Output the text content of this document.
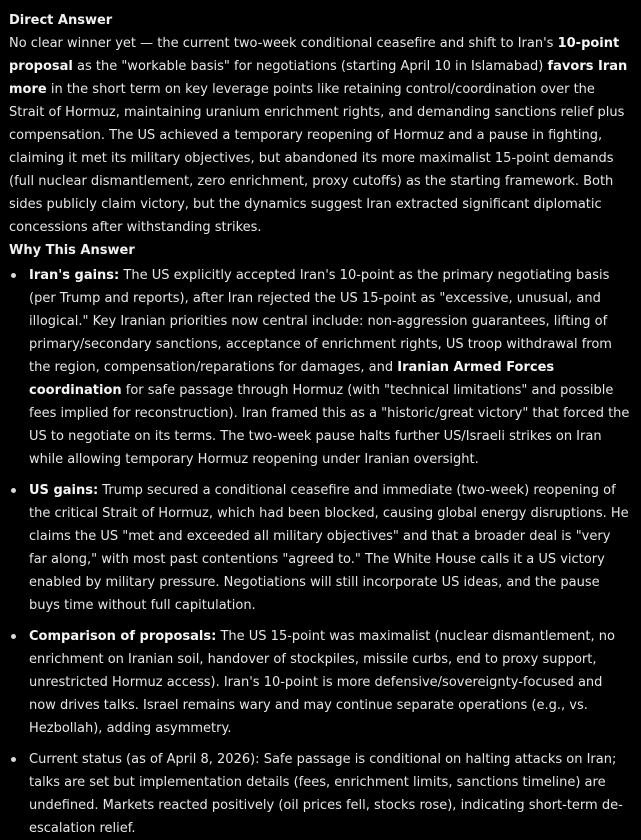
Direct Answer

No clear winner yet — the current two-week conditional ceasefire and shift to Iran's 10-point proposal as the "workable basis" for negotiations (starting April 10 in Islamabad) favors Iran more in the short term on key leverage points like retaining control/coordination over the Strait of Hormuz, maintaining uranium enrichment rights, and demanding sanctions relief plus compensation. The US achieved a temporary reopening of Hormuz and a pause in fighting, claiming it met its military objectives, but abandoned its more maximalist 15-point demands (full nuclear dismantlement, zero enrichment, proxy cutoffs) as the starting framework. Both sides publicly claim victory, but the dynamics suggest Iran extracted significant diplomatic concessions after withstanding strikes.

Why This Answer

Iran's gains: The US explicitly accepted Iran's 10-point as the primary negotiating basis (per Trump and reports), after Iran rejected the US 15-point as "excessive, unusual, and illogical." Key Iranian priorities now central include: non-aggression guarantees, lifting of primary/secondary sanctions, acceptance of enrichment rights, US troop withdrawal from the region, compensation/reparations for damages, and Iranian Armed Forces coordination for safe passage through Hormuz (with "technical limitations" and possible fees implied for reconstruction). Iran framed this as a "historic/great victory" that forced the US to negotiate on its terms. The two-week pause halts further US/Israeli strikes on Iran while allowing temporary Hormuz reopening under Iranian oversight.
US gains: Trump secured a conditional ceasefire and immediate (two-week) reopening of the critical Strait of Hormuz, which had been blocked, causing global energy disruptions. He claims the US "met and exceeded all military objectives" and that a broader deal is "very far along," with most past contentions "agreed to." The White House calls it a US victory enabled by military pressure. Negotiations will still incorporate US ideas, and the pause buys time without full capitulation.
Comparison of proposals: The US 15-point was maximalist (nuclear dismantlement, no enrichment on Iranian soil, handover of stockpiles, missile curbs, end to proxy support, unrestricted Hormuz access). Iran's 10-point is more defensive/sovereignty-focused and now drives talks. Israel remains wary and may continue separate operations (e.g., vs. Hezbollah), adding asymmetry.
Current status (as of April 8, 2026): Safe passage is conditional on halting attacks on Iran; talks are set but implementation details (fees, enrichment limits, sanctions timeline) are undefined. Markets reacted positively (oil prices fell, stocks rose), indicating short-term de-escalation relief.
